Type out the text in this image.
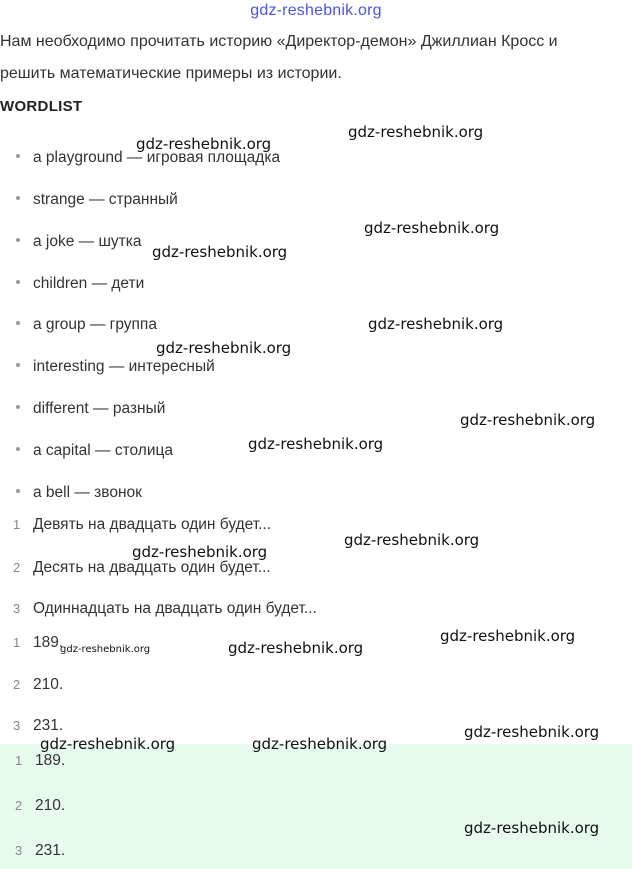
gdz-reshebnik.org
Нам необходимо прочитать историю «Директор-демон» Джиллиан Кросс и
решить математические примеры из истории.
WORDLIST
a playground — игровая площадка
strange — странный
a joke — шутка
children — дети
a group — группа
interesting — интересный
different — разный
a capital — столица
a bell — звонок
1 Девять на двадцать один будет...
2 Десять на двадцать один будет...
3 Одиннадцать на двадцать один будет...
1 189.
2 210.
3 231.
1 189.
2 210.
3 231.
gdz-reshebnik.org
gdz-reshebnik.org
gdz-reshebnik.org
gdz-reshebnik.org
gdz-reshebnik.org
gdz-reshebnik.org
gdz-reshebnik.org
gdz-reshebnik.org
gdz-reshebnik.org
gdz-reshebnik.org
gdz-reshebnik.org
gdz-reshebnik.org	gdz-reshebnik.org
gdz-reshebnik.org
gdz-reshebnik.org	gdz-reshebnik.org
gdz-reshebnik.org
